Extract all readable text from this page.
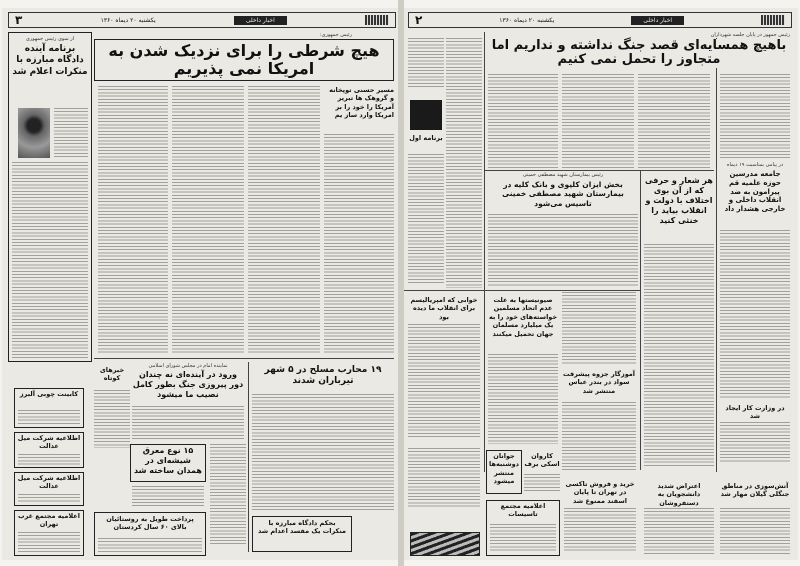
اخبار داخلی
یکشنبه ۲۰ دیماه ۱۳۶۰
۳
از سوی رئیس جمهوری
برنامه آینده دادگاه مبارزه با منکرات اعلام شد
رئیس جمهوری:
هیچ شرطی را برای نزدیک شدن به امریکا نمی پذیریم
مسیر حسنی توپخانه و گروهک ها تبریر آمریکا را خود را بر امریکا وارد ساز یم
۱۹ محارب مسلح در ۵ شهر تیرباران شدند
نماینده امام در مجلس شورای اسلامی
ورود در آینده‌ای نه چندان دور پیروزی جنگ بطور کامل نصیب ما میشود
خبرهای کوتاه
۱۵ نوع معرق شیشه‌ای در همدان ساخته شد
پرداخت طویل به روستائیان بالای ۶۰ سال کردستان
بحکم دادگاه مبارزه با منکرات یک مفسد اعدام شد
کابینت چوبی آلبرز
اطلاعیه شرکت میل عدالت
اطلاعیه شرکت میل عدالت
اعلامیه مجتمع غرب تهران
اخبار داخلی
یکشنبه ۲۰ دیماه ۱۳۶۰
۲
رئیس جمهور در پایان جلسه شهرداران
باهیچ همسایه‌ای قصد جنگ نداشته و نداریم اما متجاوز را تحمل نمی کنیم
برنامه اول
رئیس بیمارستان شهید مصطفی خمینی
بخش ایزان کلیوی و بانک کلیه در بیمارستان شهید مصطفی خمینی تاسیس می‌شود
هر شعار و حرفی که از آن بوی اختلاف با دولت و انقلاب بیاید را خنثی کنید
در پیامی بمناسبت ۱۹ دیماه
جامعه مدرسین حوزه علمیه قم پیرامون به ضد انقلاب داخلی و خارجی هشدار داد
در وزارت کار ایجاد شد
خوابی که امپریالیسم برای انقلاب ما دیده بود
صیونیستها به علت عدم اتحاد مسلمین خواسته‌های خود را به یک میلیارد مسلمان جهان تحمیل میکنند
آموزگار جزوه پیشرفت سواد در بندر عباس منتشر شد
خرید و فروش تاکسی در تهران تا پایان اسفند ممنوع شد
اعتراض شدید دانشجویان به دستفروشان
آتش‌سوزی در مناطق جنگلی گیلان مهار شد
جوانان دوشنبه‌ها منتشر میشود
کاروان اسکی برف
اعلامیه مجتمع تاسیسات
